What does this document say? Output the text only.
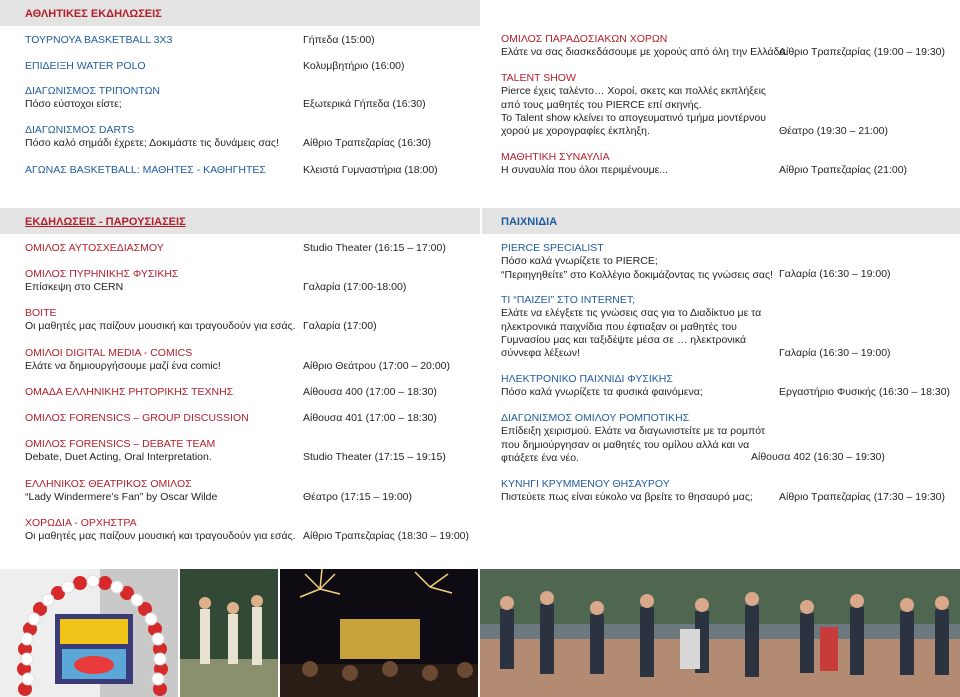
ΑΘΛΗΤΙΚΕΣ ΕΚΔΗΛΩΣΕΙΣ
ΕΚΔΗΛΩΣΕΙΣ - ΠΑΡΟΥΣΙΑΣΕΙΣ	ΠΑΙΧΝΙΔΙΑ
ΤΟΥΡΝΟΥΑ BASKETBALL 3X3	Γήπεδα (15:00)
ΕΠΙΔΕΙΞΗ WATER POLO	Κολυμβητήριο (16:00)
ΔΙΑΓΩΝΙΣΜΟΣ ΤΡΙΠΟΝΤΩΝ
Πόσο εύστοχοι είστε;	Εξωτερικά Γήπεδα (16:30)
ΔΙΑΓΩΝΙΣΜΟΣ DARTS
Πόσο καλό σημάδι έχρετε; Δοκιμάστε τις δυνάμεις σας! Αίθριο Τραπεζαρίας (16:30)
ΑΓΩΝΑΣ BASKETBALL: ΜΑΘΗΤΕΣ - ΚΑΘΗΓΗΤΕΣ	Κλειστά Γυμναστήρια (18:00)
ΟΜΙΛΟΣ ΠΑΡΑΔΟΣΙΑΚΩΝ ΧΟΡΩΝ
Ελάτε να σας διασκεδάσουμε με χορούς από όλη την Ελλάδα.
Αίθριο Τραπεζαρίας (19:00 – 19:30)
TALENT SHOW
Pierce έχεις ταλέντο… Χοροί, σκετς και πολλές εκπλήξεις
από τους μαθητές του PIERCE επί σκηνής.
Το Talent show κλείνει το απογευματινό τμήμα μοντέρνου
χορού με χορογραφίες έκπληξη.	Θέατρο (19:30 – 21:00)
ΜΑΘΗΤΙΚΗ ΣΥΝΑΥΛΙΑ
Η συναυλία που όλοι περιμένουμε...	Αίθριο Τραπεζαρίας (21:00)
ΟΜΙΛΟΣ ΑΥΤΟΣΧΕΔΙΑΣΜΟΥ	Studio Theater (16:15 – 17:00)
ΟΜΙΛΟΣ ΠΥΡΗΝΙΚΗΣ ΦΥΣΙΚΗΣ
Επίσκεψη στο CERN	Γαλαρία (17:00-18:00)
BOITE
Οι μαθητές μας παίζουν μουσική και τραγουδούν για εσάς. Γαλαρία (17:00)
ΟΜΙΛΟΙ DIGITAL MEDIA - COMICS
Ελάτε να δημιουργήσουμε μαζί ένα comic!	Αίθριο Θεάτρου (17:00 – 20:00)
ΟΜΑΔΑ ΕΛΛΗΝΙΚΗΣ ΡΗΤΟΡΙΚΗΣ ΤΕΧΝΗΣ	Αίθουσα 400 (17:00 – 18:30)
ΟΜΙΛΟΣ FORENSICS – GROUP DISCUSSION	Αίθουσα 401 (17:00 – 18:30)
ΟΜΙΛΟΣ FORENSICS – DEBATE TEAM
Debate, Duet Acting, Oral Interpretation.	Studio Theater (17:15 – 19:15)
ΕΛΛΗΝΙΚΟΣ ΘΕΑΤΡΙΚΟΣ ΟΜΙΛΟΣ
“Lady Windermere’s Fan” by Oscar Wilde	Θέατρο (17:15 – 19:00)
ΧΟΡΩΔΙΑ - ΟΡΧΗΣΤΡΑ
Οι μαθητές μας παίζουν μουσική και τραγουδούν για εσάς. Αίθριο Τραπεζαρίας (18:30 – 19:00)
PIERCE SPECIALIST
Πόσο καλά γνωρίζετε το PIERCE;
“Περιηγηθείτε” στο Κολλέγιο δοκιμάζοντας τις γνώσεις σας! Γαλαρία (16:30 – 19:00)
ΤΙ “ΠΑΙΖΕΙ” ΣΤΟ INTERNET;
Ελάτε να ελέγξετε τις γνώσεις σας για το Διαδίκτυο με τα
ηλεκτρονικά παιχνίδια που έφτιαξαν οι μαθητές του
Γυμνασίου μας και ταξιδέψτε μέσα σε … ηλεκτρονικά
σύννεφα λέξεων!	Γαλαρία (16:30 – 19:00)
ΗΛΕΚΤΡΟΝΙΚΟ ΠΑΙΧΝΙΔΙ ΦΥΣΙΚΗΣ
Πόσο καλά γνωρίζετε τα φυσικά φαινόμενα;	Εργαστήριο Φυσικής (16:30 – 18:30)
ΔΙΑΓΩΝΙΣΜΟΣ ΟΜΙΛΟΥ ΡΟΜΠΟΤΙΚΗΣ
Επίδειξη χειρισμού. Ελάτε να διαγωνιστείτε με τα ρομπότ
που δημιούργησαν οι μαθητές του ομίλου αλλά και να
φτιάξετε ένα νέο.	Αίθουσα 402 (16:30 – 19:30)
ΚΥΝΗΓΙ ΚΡΥΜΜΕΝΟΥ ΘΗΣΑΥΡΟΥ
Πιστεύετε πως είναι εύκολο να βρείτε το θησαυρό μας; Αίθριο Τραπεζαρίας (17:30 – 19:30)
